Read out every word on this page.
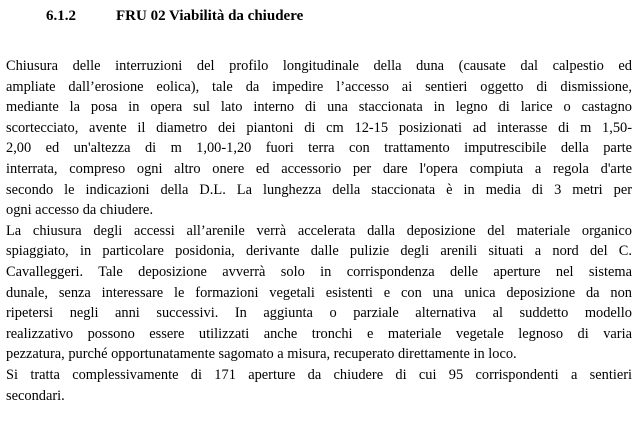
6.1.2	FRU 02 Viabilità da chiudere
Chiusura delle interruzioni del profilo longitudinale della duna (causate dal calpestio ed
ampliate dall’erosione eolica), tale da impedire l’accesso ai sentieri oggetto di dismissione,
mediante la posa in opera sul lato interno di una staccionata in legno di larice o castagno
scortecciato, avente il diametro dei piantoni di cm 12-15 posizionati ad interasse di m 1,50-
2,00 ed un'altezza di m 1,00-1,20 fuori terra con trattamento imputrescibile della parte
interrata, compreso ogni altro onere ed accessorio per dare l'opera compiuta a regola d'arte
secondo le indicazioni della D.L. La lunghezza della staccionata è in media di 3 metri per
ogni accesso da chiudere.
La chiusura degli accessi all’arenile verrà accelerata dalla deposizione del materiale organico
spiaggiato, in particolare posidonia, derivante dalle pulizie degli arenili situati a nord del C.
Cavalleggeri. Tale deposizione avverrà solo in corrispondenza delle aperture nel sistema
dunale, senza interessare le formazioni vegetali esistenti e con una unica deposizione da non
ripetersi negli anni successivi. In aggiunta o parziale alternativa al suddetto modello
realizzativo possono essere utilizzati anche tronchi e materiale vegetale legnoso di varia
pezzatura, purché opportunatamente sagomato a misura, recuperato direttamente in loco.
Si tratta complessivamente di 171 aperture da chiudere di cui 95 corrispondenti a sentieri
secondari.
